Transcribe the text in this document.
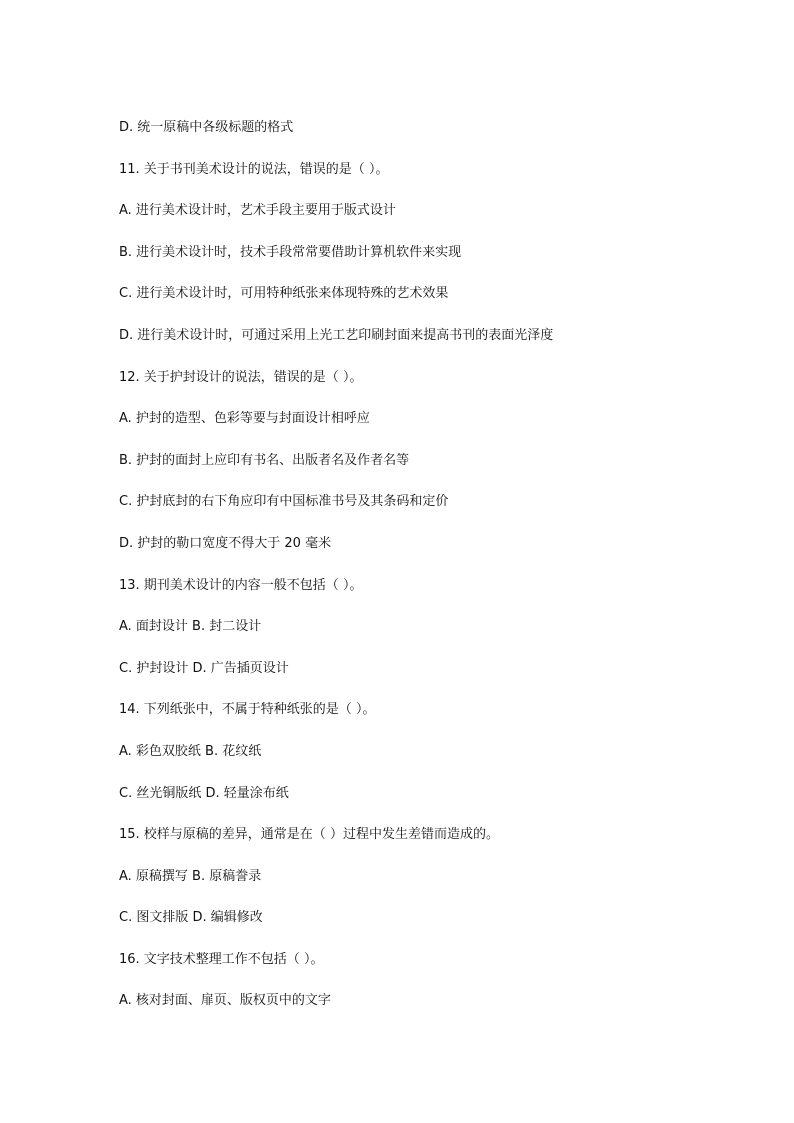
D. 统一原稿中各级标题的格式
11. 关于书刊美术设计的说法，错误的是（ ）。
A. 进行美术设计时，艺术手段主要用于版式设计
B. 进行美术设计时，技术手段常常要借助计算机软件来实现
C. 进行美术设计时，可用特种纸张来体现特殊的艺术效果
D. 进行美术设计时，可通过采用上光工艺印刷封面来提高书刊的表面光泽度
12. 关于护封设计的说法，错误的是（ ）。
A. 护封的造型、色彩等要与封面设计相呼应
B. 护封的面封上应印有书名、出版者名及作者名等
C. 护封底封的右下角应印有中国标准书号及其条码和定价
D. 护封的勒口宽度不得大于 20 毫米
13. 期刊美术设计的内容一般不包括（ ）。
A. 面封设计 B. 封二设计
C. 护封设计 D. 广告插页设计
14. 下列纸张中，不属于特种纸张的是（ ）。
A. 彩色双胶纸 B. 花纹纸
C. 丝光铜版纸 D. 轻量涂布纸
15. 校样与原稿的差异，通常是在（ ）过程中发生差错而造成的。
A. 原稿撰写 B. 原稿誊录
C. 图文排版 D. 编辑修改
16. 文字技术整理工作不包括（ ）。
A. 核对封面、扉页、版权页中的文字
